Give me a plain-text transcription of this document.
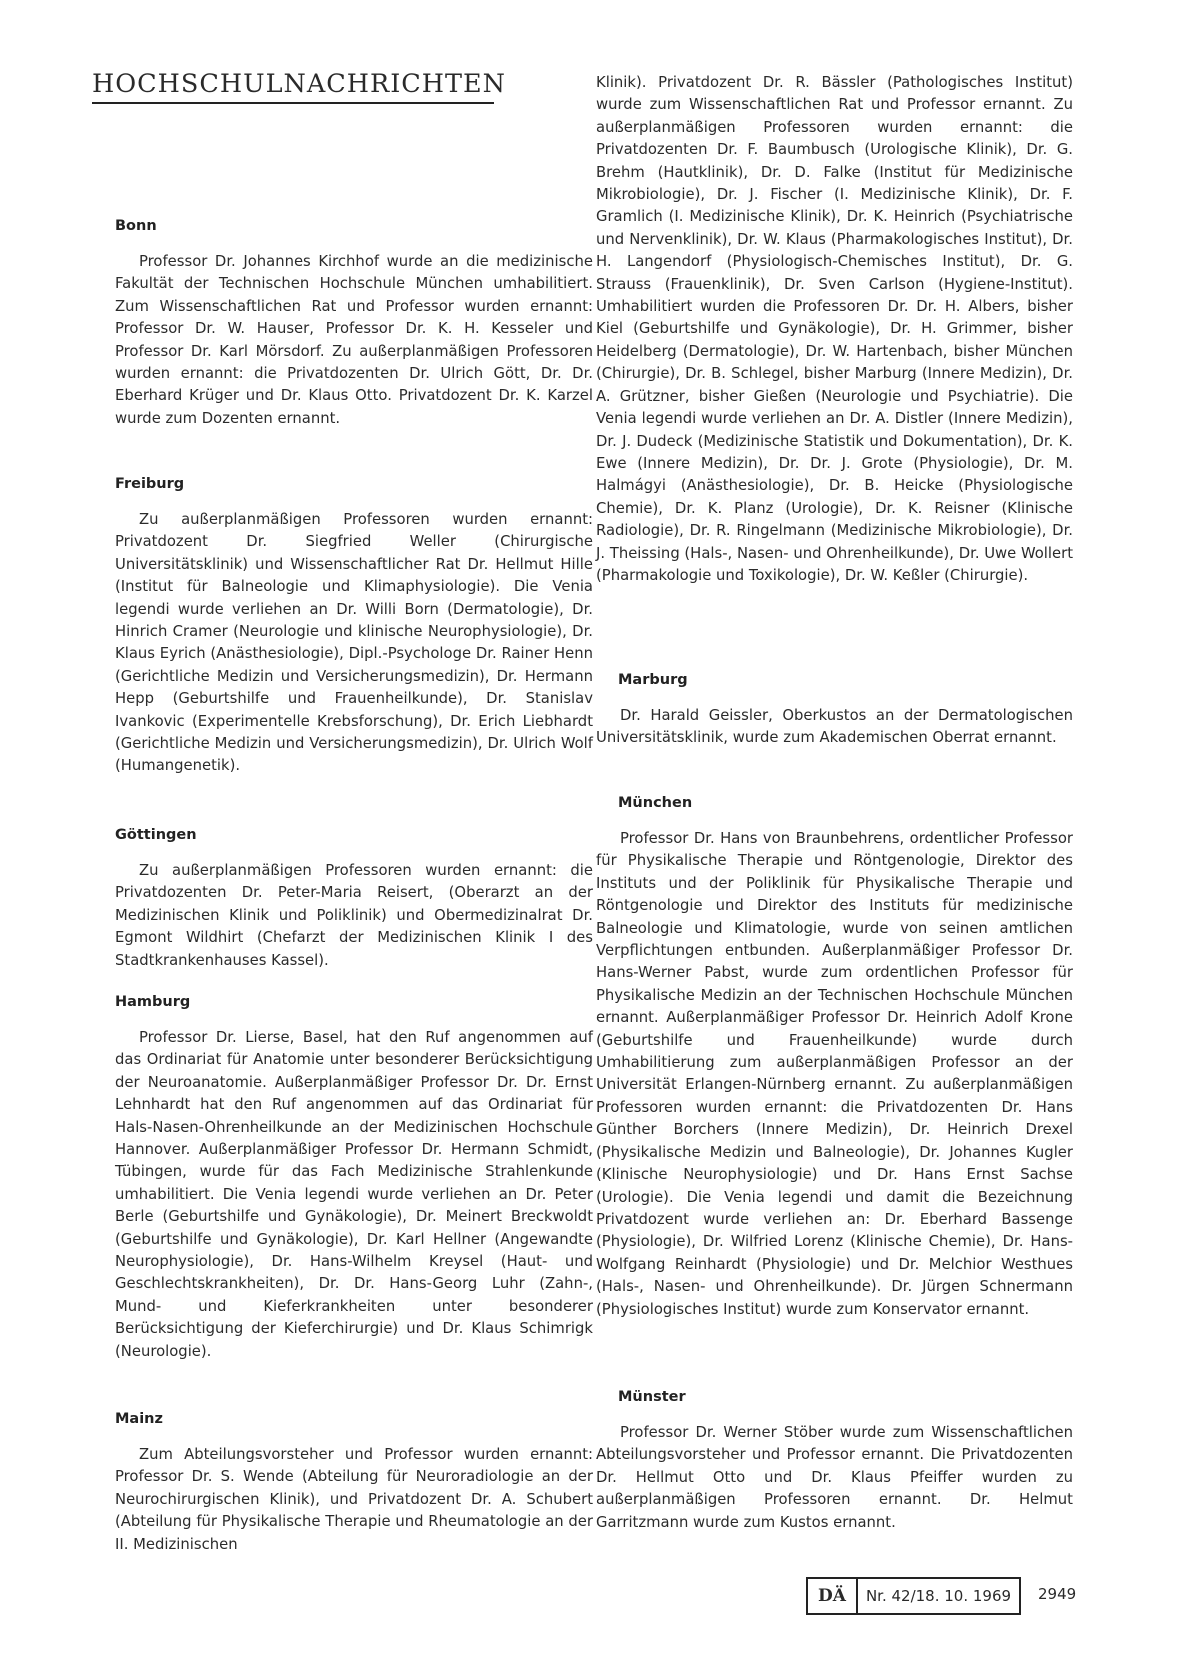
HOCHSCHULNACHRICHTEN
Bonn
Professor Dr. Johannes Kirchhof wurde an die medizinische Fakultät der Technischen Hochschule München umhabilitiert. Zum Wissenschaftlichen Rat und Professor wurden ernannt: Professor Dr. W. Hauser, Professor Dr. K. H. Kesseler und Professor Dr. Karl Mörsdorf. Zu außerplanmäßigen Professoren wurden ernannt: die Privatdozenten Dr. Ulrich Gött, Dr. Dr. Eberhard Krüger und Dr. Klaus Otto. Privatdozent Dr. K. Karzel wurde zum Dozenten ernannt.
Freiburg
Zu außerplanmäßigen Professoren wurden ernannt: Privatdozent Dr. Siegfried Weller (Chirurgische Universitätsklinik) und Wissenschaftlicher Rat Dr. Hellmut Hille (Institut für Balneologie und Klimaphysiologie). Die Venia legendi wurde verliehen an Dr. Willi Born (Dermatologie), Dr. Hinrich Cramer (Neurologie und klinische Neurophysiologie), Dr. Klaus Eyrich (Anästhesiologie), Dipl.-Psychologe Dr. Rainer Henn (Gerichtliche Medizin und Versicherungsmedizin), Dr. Hermann Hepp (Geburtshilfe und Frauenheilkunde), Dr. Stanislav Ivankovic (Experimentelle Krebsforschung), Dr. Erich Liebhardt (Gerichtliche Medizin und Versicherungsmedizin), Dr. Ulrich Wolf (Humangenetik).
Göttingen
Zu außerplanmäßigen Professoren wurden ernannt: die Privatdozenten Dr. Peter-Maria Reisert, (Oberarzt an der Medizinischen Klinik und Poliklinik) und Obermedizinalrat Dr. Egmont Wildhirt (Chefarzt der Medizinischen Klinik I des Stadtkrankenhauses Kassel).
Hamburg
Professor Dr. Lierse, Basel, hat den Ruf angenommen auf das Ordinariat für Anatomie unter besonderer Berücksichtigung der Neuroanatomie. Außerplanmäßiger Professor Dr. Dr. Ernst Lehnhardt hat den Ruf angenommen auf das Ordinariat für Hals-Nasen-Ohrenheilkunde an der Medizinischen Hochschule Hannover. Außerplanmäßiger Professor Dr. Hermann Schmidt, Tübingen, wurde für das Fach Medizinische Strahlenkunde umhabilitiert. Die Venia legendi wurde verliehen an Dr. Peter Berle (Geburtshilfe und Gynäkologie), Dr. Meinert Breckwoldt (Geburtshilfe und Gynäkologie), Dr. Karl Hellner (Angewandte Neurophysiologie), Dr. Hans-Wilhelm Kreysel (Haut- und Geschlechtskrankheiten), Dr. Dr. Hans-Georg Luhr (Zahn-, Mund- und Kieferkrankheiten unter besonderer Berücksichtigung der Kieferchirurgie) und Dr. Klaus Schimrigk (Neurologie).
Mainz
Zum Abteilungsvorsteher und Professor wurden ernannt: Professor Dr. S. Wende (Abteilung für Neuroradiologie an der Neurochirurgischen Klinik), und Privatdozent Dr. A. Schubert (Abteilung für Physikalische Therapie und Rheumatologie an der II. Medizinischen
Klinik). Privatdozent Dr. R. Bässler (Pathologisches Institut) wurde zum Wissenschaftlichen Rat und Professor ernannt. Zu außerplanmäßigen Professoren wurden ernannt: die Privatdozenten Dr. F. Baumbusch (Urologische Klinik), Dr. G. Brehm (Hautklinik), Dr. D. Falke (Institut für Medizinische Mikrobiologie), Dr. J. Fischer (I. Medizinische Klinik), Dr. F. Gramlich (I. Medizinische Klinik), Dr. K. Heinrich (Psychiatrische und Nervenklinik), Dr. W. Klaus (Pharmakologisches Institut), Dr. H. Langendorf (Physiologisch-Chemisches Institut), Dr. G. Strauss (Frauenklinik), Dr. Sven Carlson (Hygiene-Institut). Umhabilitiert wurden die Professoren Dr. Dr. H. Albers, bisher Kiel (Geburtshilfe und Gynäkologie), Dr. H. Grimmer, bisher Heidelberg (Dermatologie), Dr. W. Hartenbach, bisher München (Chirurgie), Dr. B. Schlegel, bisher Marburg (Innere Medizin), Dr. A. Grützner, bisher Gießen (Neurologie und Psychiatrie). Die Venia legendi wurde verliehen an Dr. A. Distler (Innere Medizin), Dr. J. Dudeck (Medizinische Statistik und Dokumentation), Dr. K. Ewe (Innere Medizin), Dr. Dr. J. Grote (Physiologie), Dr. M. Halmágyi (Anästhesiologie), Dr. B. Heicke (Physiologische Chemie), Dr. K. Planz (Urologie), Dr. K. Reisner (Klinische Radiologie), Dr. R. Ringelmann (Medizinische Mikrobiologie), Dr. J. Theissing (Hals-, Nasen- und Ohrenheilkunde), Dr. Uwe Wollert (Pharmakologie und Toxikologie), Dr. W. Keßler (Chirurgie).
Marburg
Dr. Harald Geissler, Oberkustos an der Dermatologischen Universitätsklinik, wurde zum Akademischen Oberrat ernannt.
München
Professor Dr. Hans von Braunbehrens, ordentlicher Professor für Physikalische Therapie und Röntgenologie, Direktor des Instituts und der Poliklinik für Physikalische Therapie und Röntgenologie und Direktor des Instituts für medizinische Balneologie und Klimatologie, wurde von seinen amtlichen Verpflichtungen entbunden. Außerplanmäßiger Professor Dr. Hans-Werner Pabst, wurde zum ordentlichen Professor für Physikalische Medizin an der Technischen Hochschule München ernannt. Außerplanmäßiger Professor Dr. Heinrich Adolf Krone (Geburtshilfe und Frauenheilkunde) wurde durch Umhabilitierung zum außerplanmäßigen Professor an der Universität Erlangen-Nürnberg ernannt. Zu außerplanmäßigen Professoren wurden ernannt: die Privatdozenten Dr. Hans Günther Borchers (Innere Medizin), Dr. Heinrich Drexel (Physikalische Medizin und Balneologie), Dr. Johannes Kugler (Klinische Neurophysiologie) und Dr. Hans Ernst Sachse (Urologie). Die Venia legendi und damit die Bezeichnung Privatdozent wurde verliehen an: Dr. Eberhard Bassenge (Physiologie), Dr. Wilfried Lorenz (Klinische Chemie), Dr. Hans-Wolfgang Reinhardt (Physiologie) und Dr. Melchior Westhues (Hals-, Nasen- und Ohrenheilkunde). Dr. Jürgen Schnermann (Physiologisches Institut) wurde zum Konservator ernannt.
Münster
Professor Dr. Werner Stöber wurde zum Wissenschaftlichen Abteilungsvorsteher und Professor ernannt. Die Privatdozenten Dr. Hellmut Otto und Dr. Klaus Pfeiffer wurden zu außerplanmäßigen Professoren ernannt. Dr. Helmut Garritzmann wurde zum Kustos ernannt.
DÄ	Nr. 42/18. 10. 1969	2949
